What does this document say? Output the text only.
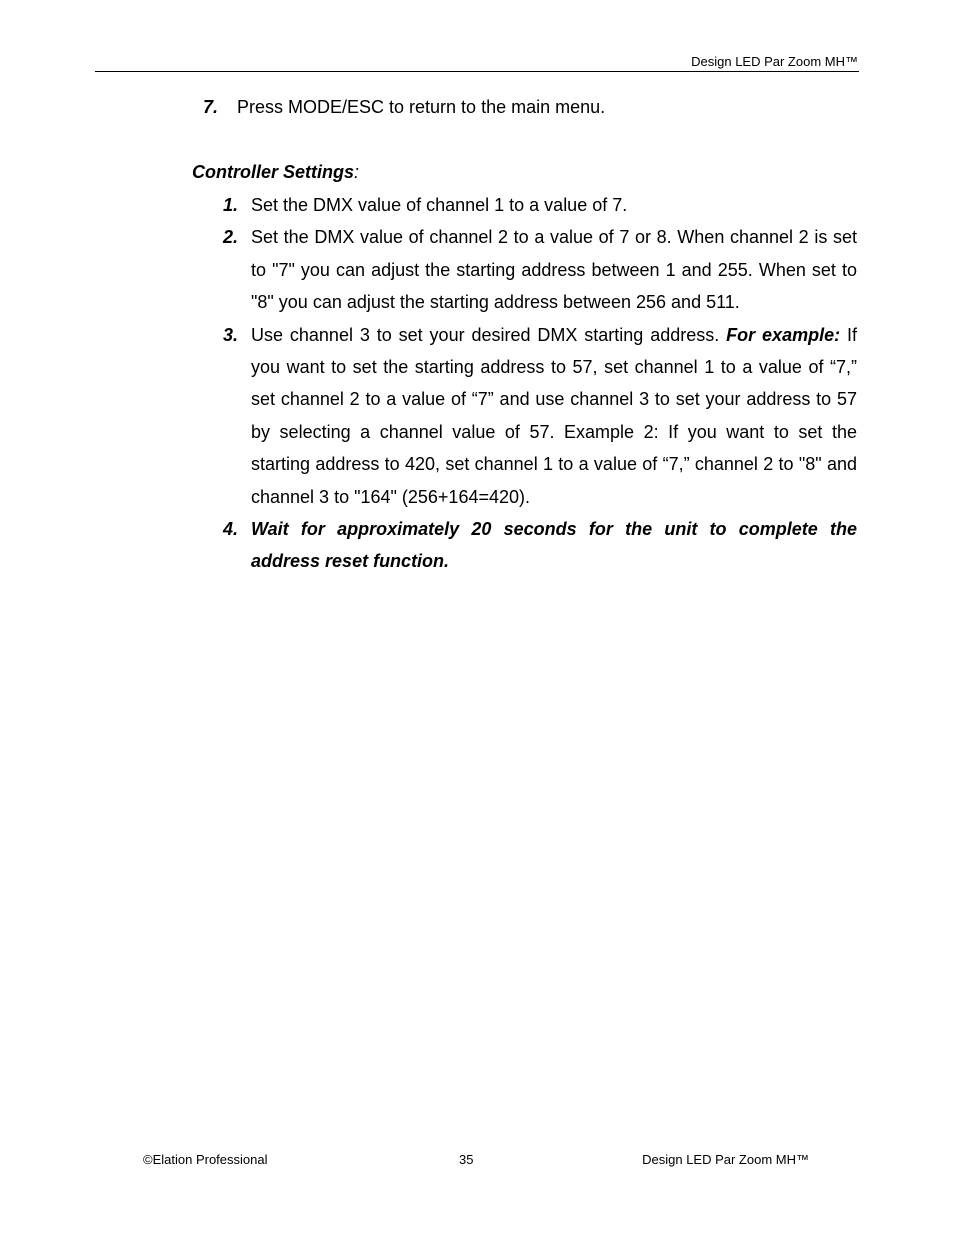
Design LED Par Zoom MH™
7. Press MODE/ESC to return to the main menu.
Controller Settings:
1. Set the DMX value of channel 1 to a value of 7.
2. Set the DMX value of channel 2 to a value of 7 or 8. When channel 2 is set to "7" you can adjust the starting address between 1 and 255. When set to "8" you can adjust the starting address between 256 and 511.
3. Use channel 3 to set your desired DMX starting address. For example: If you want to set the starting address to 57, set channel 1 to a value of “7,” set channel 2 to a value of “7” and use channel 3 to set your address to 57 by selecting a channel value of 57. Example 2: If you want to set the starting address to 420, set channel 1 to a value of “7,” channel 2 to "8" and channel 3 to "164" (256+164=420).
4. Wait for approximately 20 seconds for the unit to complete the address reset function.
©Elation Professional	35	Design LED Par Zoom MH™
